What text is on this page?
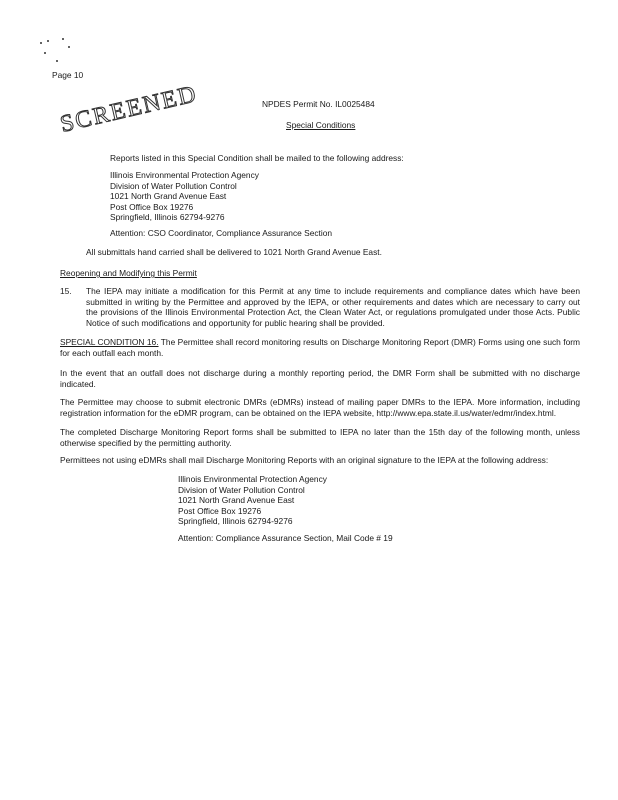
Page 10
NPDES Permit No. IL0025484
Special Conditions
SCREENED
Reports listed in this Special Condition shall be mailed to the following address:
Illinois Environmental Protection Agency
Division of Water Pollution Control
1021 North Grand Avenue East
Post Office Box 19276
Springfield, Illinois 62794-9276
Attention: CSO Coordinator, Compliance Assurance Section
All submittals hand carried shall be delivered to 1021 North Grand Avenue East.
Reopening and Modifying this Permit
15. The IEPA may initiate a modification for this Permit at any time to include requirements and compliance dates which have been submitted in writing by the Permittee and approved by the IEPA, or other requirements and dates which are necessary to carry out the provisions of the Illinois Environmental Protection Act, the Clean Water Act, or regulations promulgated under those Acts. Public Notice of such modifications and opportunity for public hearing shall be provided.
SPECIAL CONDITION 16. The Permittee shall record monitoring results on Discharge Monitoring Report (DMR) Forms using one such form for each outfall each month.
In the event that an outfall does not discharge during a monthly reporting period, the DMR Form shall be submitted with no discharge indicated.
The Permittee may choose to submit electronic DMRs (eDMRs) instead of mailing paper DMRs to the IEPA. More information, including registration information for the eDMR program, can be obtained on the IEPA website, http://www.epa.state.il.us/water/edmr/index.html.
The completed Discharge Monitoring Report forms shall be submitted to IEPA no later than the 15th day of the following month, unless otherwise specified by the permitting authority.
Permittees not using eDMRs shall mail Discharge Monitoring Reports with an original signature to the IEPA at the following address:
Illinois Environmental Protection Agency
Division of Water Pollution Control
1021 North Grand Avenue East
Post Office Box 19276
Springfield, Illinois 62794-9276
Attention: Compliance Assurance Section, Mail Code # 19
